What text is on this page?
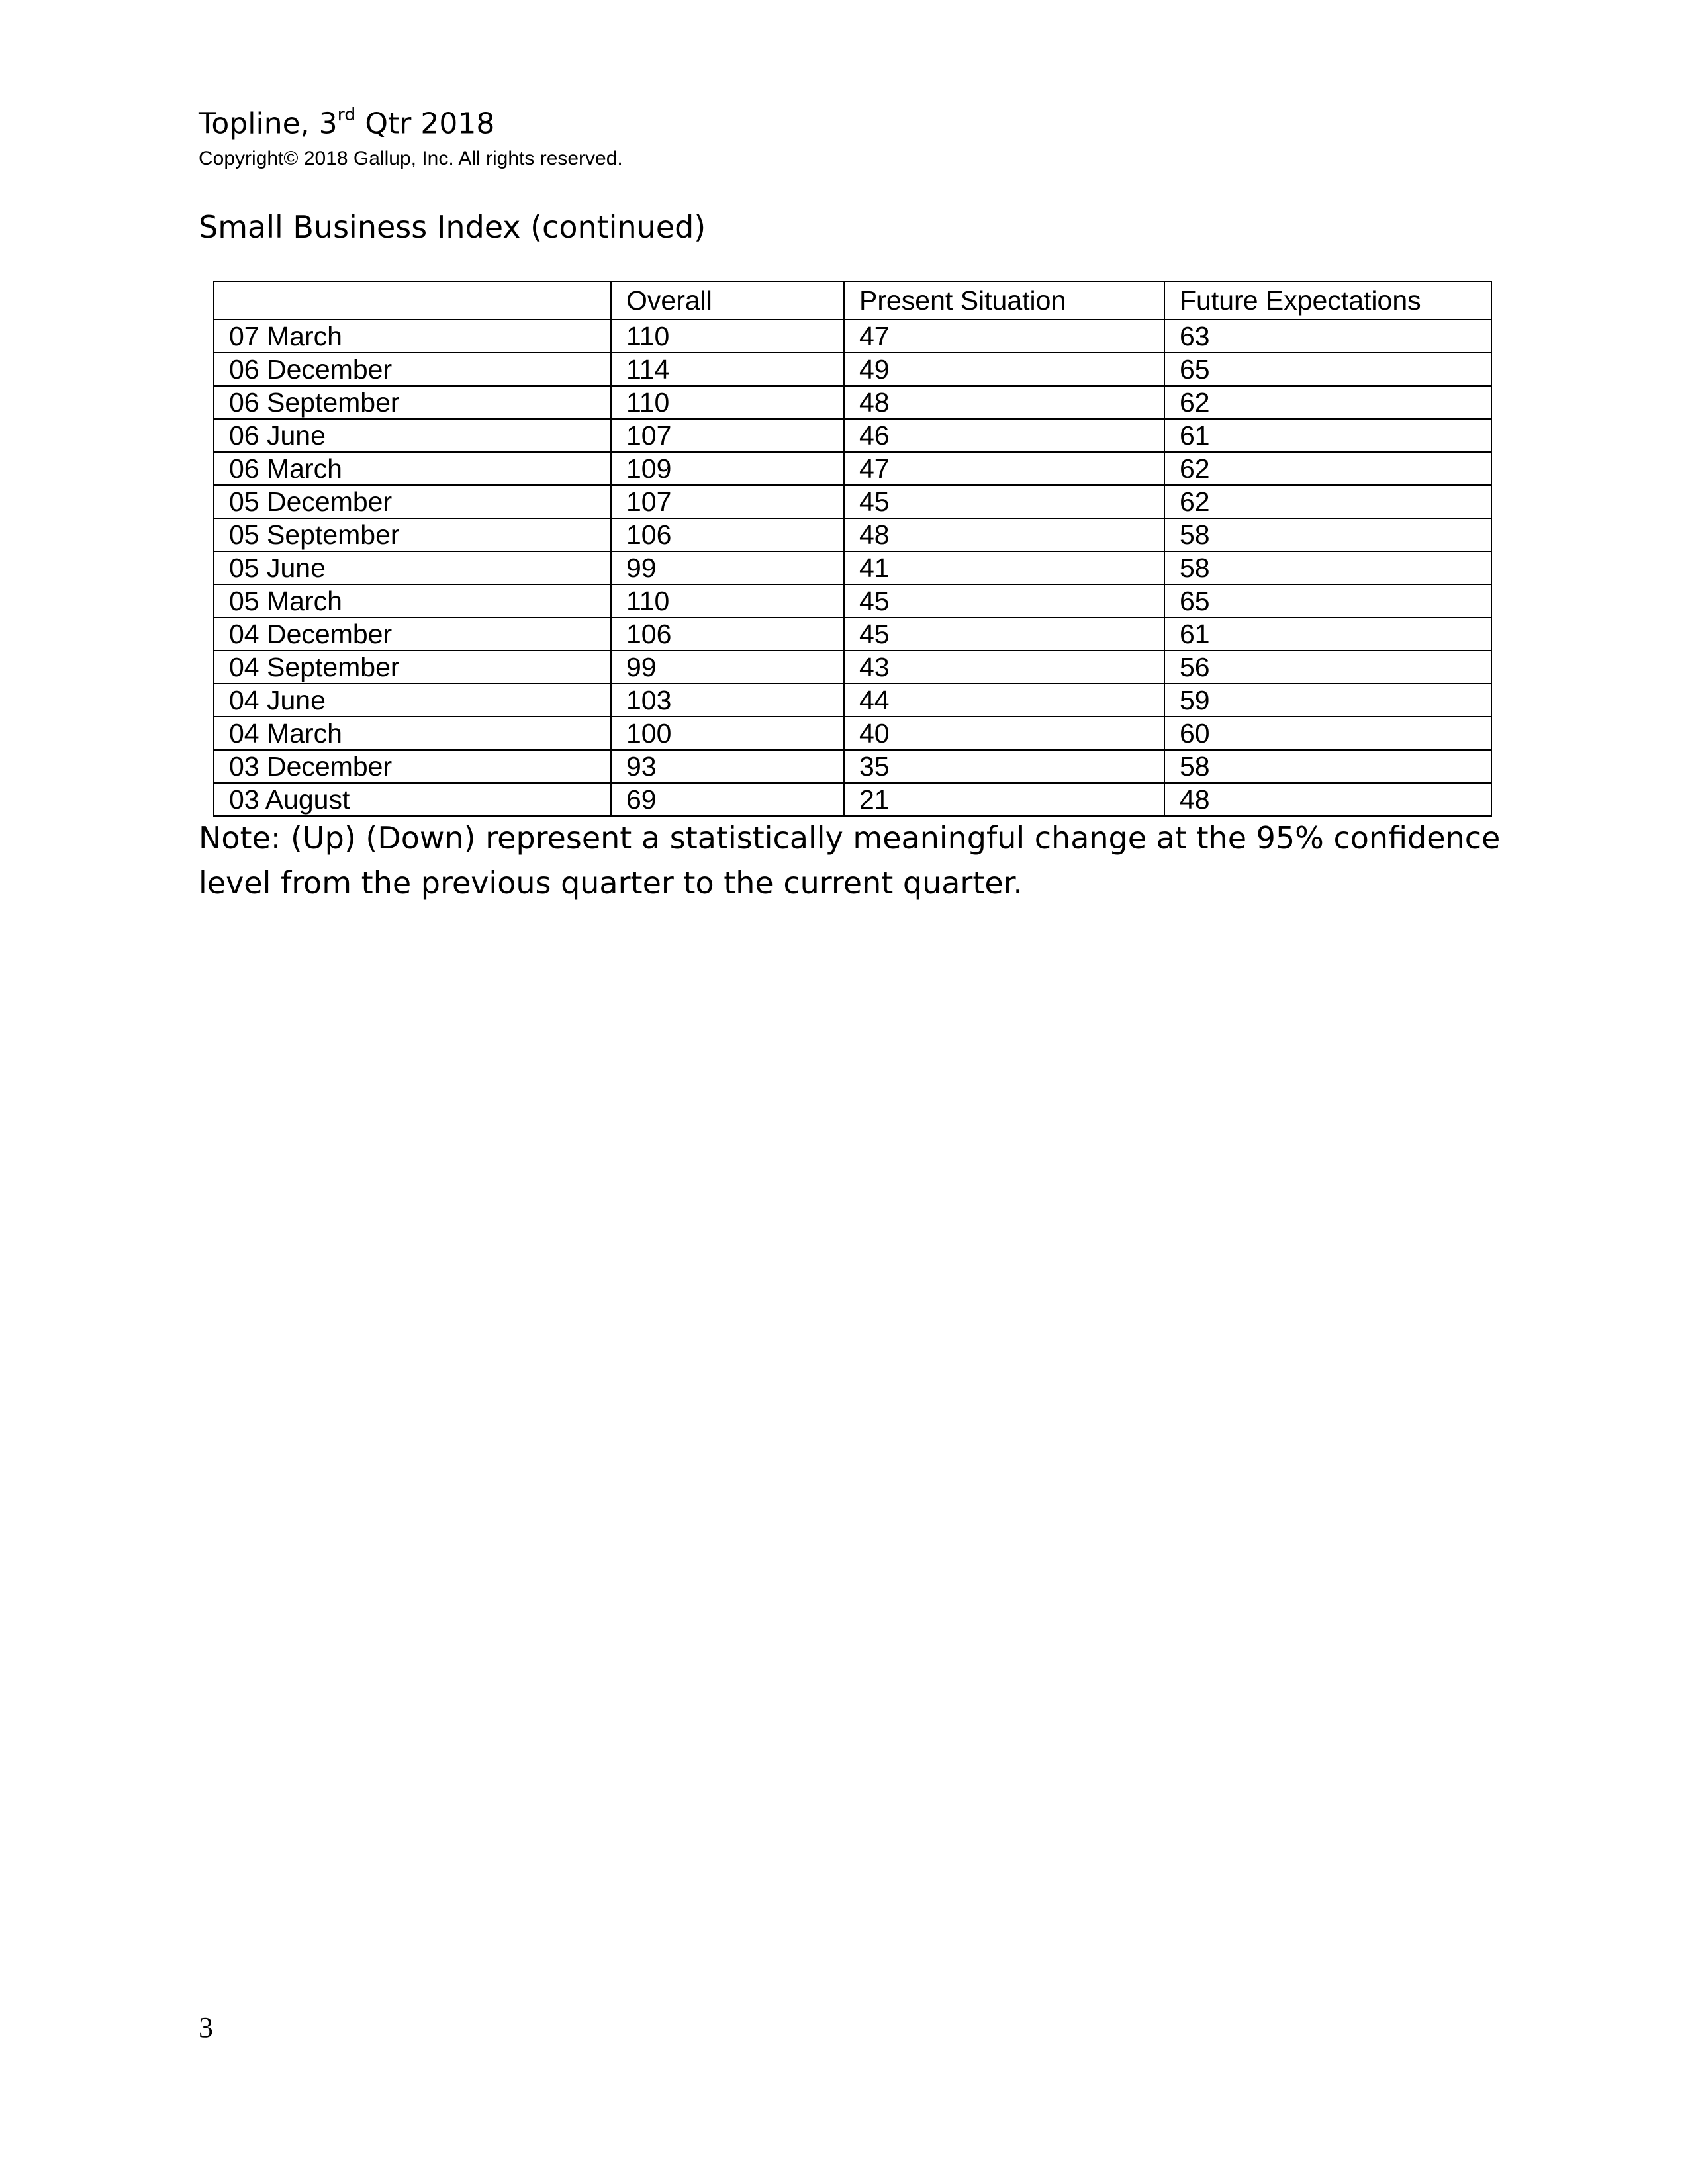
Topline, 3rd Qtr 2018
Copyright© 2018 Gallup, Inc. All rights reserved.
Small Business Index (continued)
	Overall	Present Situation	Future Expectations
07 March	110	47	63
06 December	114	49	65
06 September	110	48	62
06 June	107	46	61
06 March	109	47	62
05 December	107	45	62
05 September	106	48	58
05 June	99	41	58
05 March	110	45	65
04 December	106	45	61
04 September	99	43	56
04 June	103	44	59
04 March	100	40	60
03 December	93	35	58
03 August	69	21	48
Note: (Up) (Down) represent a statistically meaningful change at the 95% confidence level from the previous quarter to the current quarter.
3
